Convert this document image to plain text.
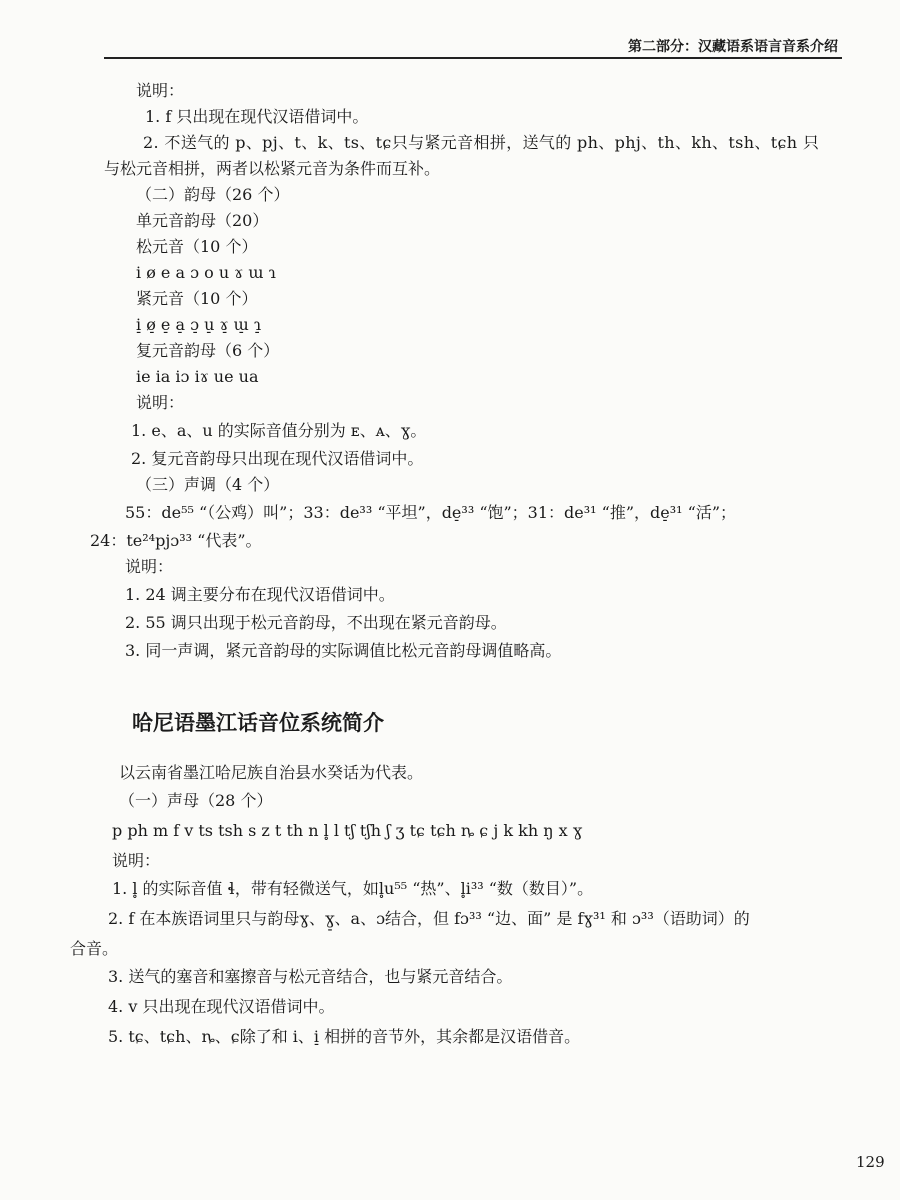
第二部分：汉藏语系语言音系介绍
说明：
1. f 只出现在现代汉语借词中。
2. 不送气的 p、pj、t、k、ts、tɕ只与紧元音相拼，送气的 ph、phj、th、kh、tsh、tɕh 只
与松元音相拼，两者以松紧元音为条件而互补。
（二）韵母（26 个）
单元音韵母（20）
松元音（10 个）
i ø e a ɔ o u ɤ ɯ ɿ
紧元音（10 个）
i̠ ø̠ e̠ a̠ ɔ̠ u̠ ɤ̠ ɯ̠ ɿ̠
复元音韵母（6 个）
ie ia iɔ iɤ ue ua
说明：
1. e、a、u 的实际音值分别为 ᴇ、ᴀ、ɣ。
2. 复元音韵母只出现在现代汉语借词中。
（三）声调（4 个）
55：de⁵⁵ “（公鸡）叫”；33：de³³ “平坦”，de̠³³ “饱”；31：de³¹ “推”，de̠³¹ “活”；
24：te²⁴pjɔ³³ “代表”。
说明：
1. 24 调主要分布在现代汉语借词中。
2. 55 调只出现于松元音韵母，不出现在紧元音韵母。
3. 同一声调，紧元音韵母的实际调值比松元音韵母调值略高。
哈尼语墨江话音位系统简介
以云南省墨江哈尼族自治县水癸话为代表。
（一）声母（28 个）
p ph m f v ts tsh s z t th n l̥ l tʃ tʃh ʃ ʒ tɕ tɕh ȵ ɕ j k kh ŋ x ɣ
说明：
1. l̥ 的实际音值 ɬ，带有轻微送气，如l̥u⁵⁵ “热”、l̥i³³ “数（数目）”。
2. f 在本族语词里只与韵母ɣ、ɣ̠、a、ɔ结合，但 fɔ³³ “边、面” 是 fɣ³¹ 和 ɔ³³（语助词）的
合音。
3. 送气的塞音和塞擦音与松元音结合，也与紧元音结合。
4. v 只出现在现代汉语借词中。
5. tɕ、tɕh、ȵ、ɕ除了和 i、i̠ 相拼的音节外，其余都是汉语借音。
129
